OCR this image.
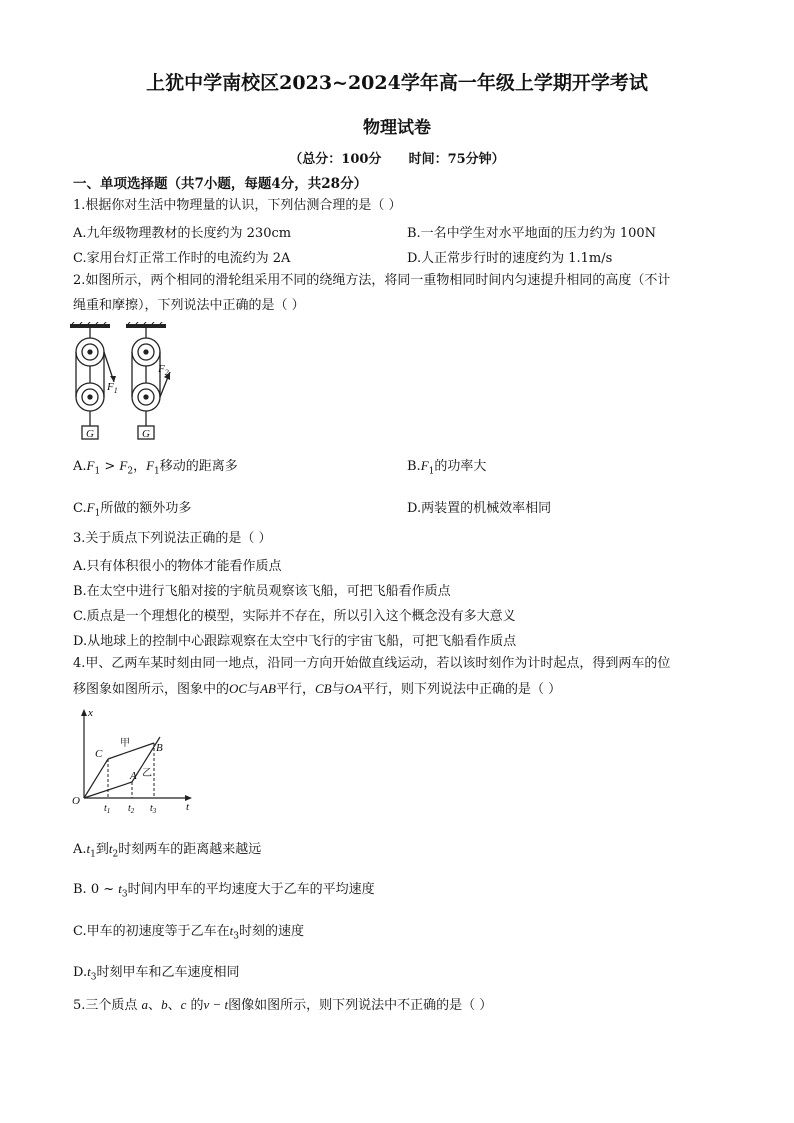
上犹中学南校区2023~2024学年高一年级上学期开学考试
物理试卷
（总分：100分      时间：75分钟）
一、单项选择题（共7小题，每题4分，共28分）
1.根据你对生活中物理量的认识，下列估测合理的是（ ）
A.九年级物理教材的长度约为 230cm	B.一名中学生对水平地面的压力约为 100N
C.家用台灯正常工作时的电流约为 2A	D.人正常步行时的速度约为 1.1m/s
2.如图所示，两个相同的滑轮组采用不同的绕绳方法，将同一重物相同时间内匀速提升相同的高度（不计
绳重和摩擦），下列说法中正确的是（ ）
$F_1$
G
$F_2$
G
$A.F_1 > F_2$，$F_1$移动的距离多	$B.F_1$的功率大
$C.F_1$所做的额外功多	D.两装置的机械效率相同
3.关于质点下列说法正确的是（ ）
A.只有体积很小的物体才能看作质点
B.在太空中进行飞船对接的宇航员观察该飞船，可把飞船看作质点
C.质点是一个理想化的模型，实际并不存在，所以引入这个概念没有多大意义
D.从地球上的控制中心跟踪观察在太空中飞行的宇宙飞船，可把飞船看作质点
4.甲、乙两车某时刻由同一地点，沿同一方向开始做直线运动，若以该时刻作为计时起点，得到两车的位
移图象如图所示，图象中的OC与AB平行，CB与OA平行，则下列说法中正确的是（ ）
x
t
O
A
B
C
甲
乙
$t_1$ $t_2$ $t_3$
$A.t_1$到$t_2$时刻两车的距离越来越远
B. 0 ~ $t_3$时间内甲车的平均速度大于乙车的平均速度
C.甲车的初速度等于乙车在$t_3$时刻的速度
$D.t_3$时刻甲车和乙车速度相同
5.三个质点 a、b、c 的v − t图像如图所示，则下列说法中不正确的是（ ）
